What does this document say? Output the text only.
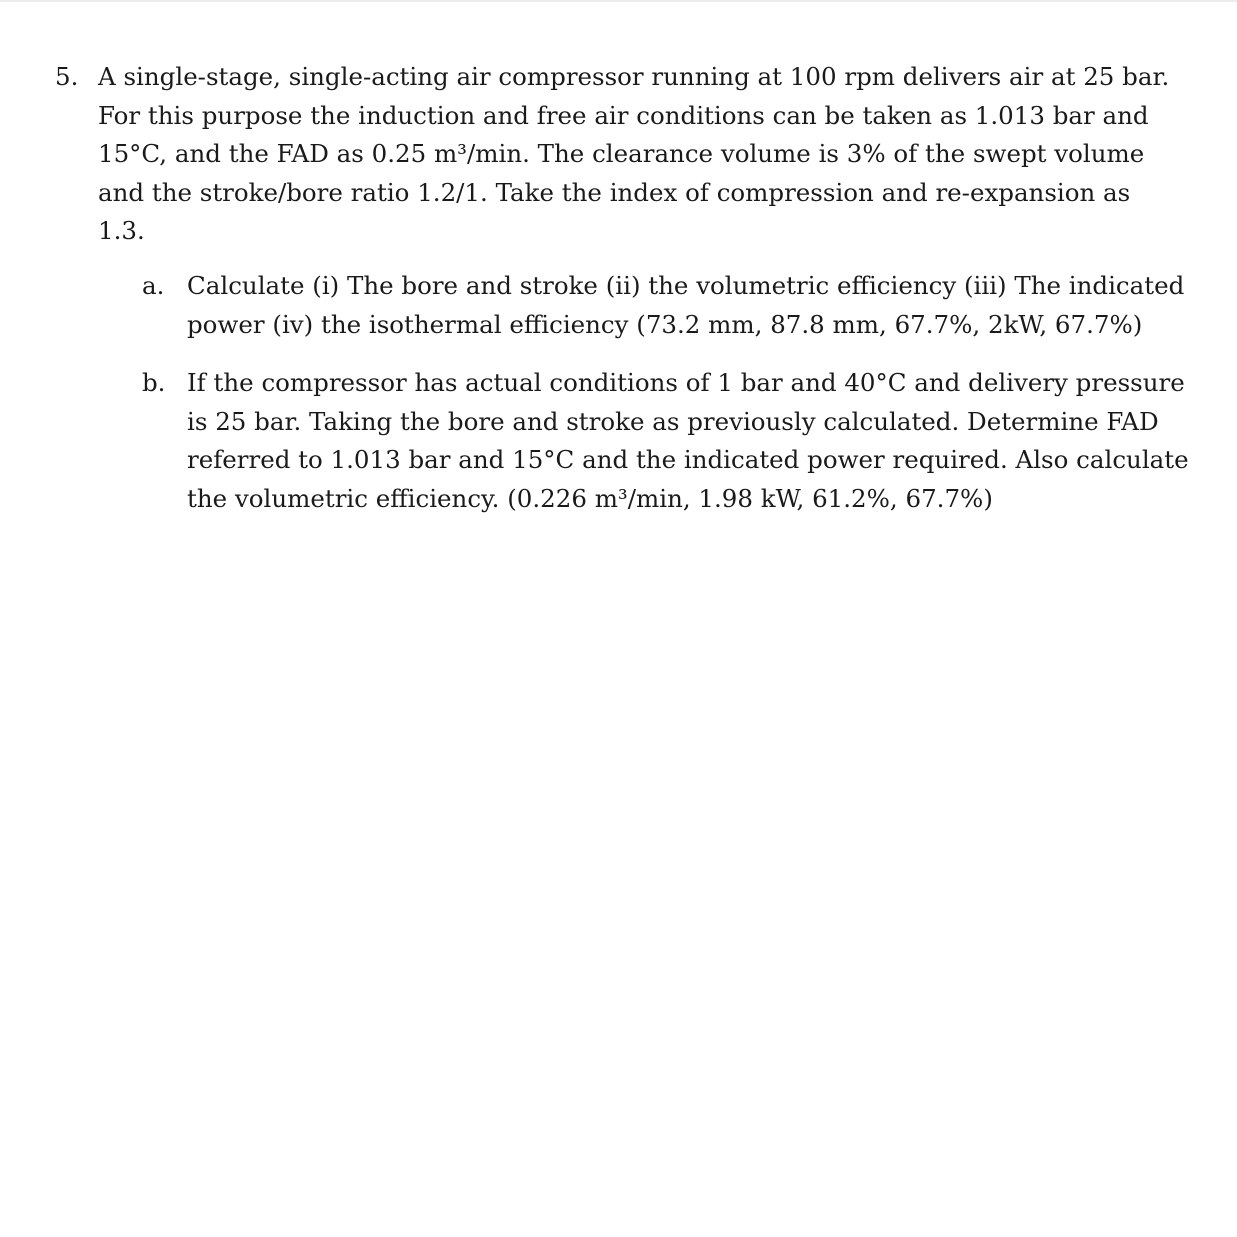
5. A single-stage, single-acting air compressor running at 100 rpm delivers air at 25 bar.
For this purpose the induction and free air conditions can be taken as 1.013 bar and
15°C, and the FAD as 0.25 m³/min. The clearance volume is 3% of the swept volume
and the stroke/bore ratio 1.2/1. Take the index of compression and re-expansion as
1.3.
a. Calculate (i) The bore and stroke (ii) the volumetric efficiency (iii) The indicated
power (iv) the isothermal efficiency (73.2 mm, 87.8 mm, 67.7%, 2kW, 67.7%)
b. If the compressor has actual conditions of 1 bar and 40°C and delivery pressure
is 25 bar. Taking the bore and stroke as previously calculated. Determine FAD
referred to 1.013 bar and 15°C and the indicated power required. Also calculate
the volumetric efficiency. (0.226 m³/min, 1.98 kW, 61.2%, 67.7%)
